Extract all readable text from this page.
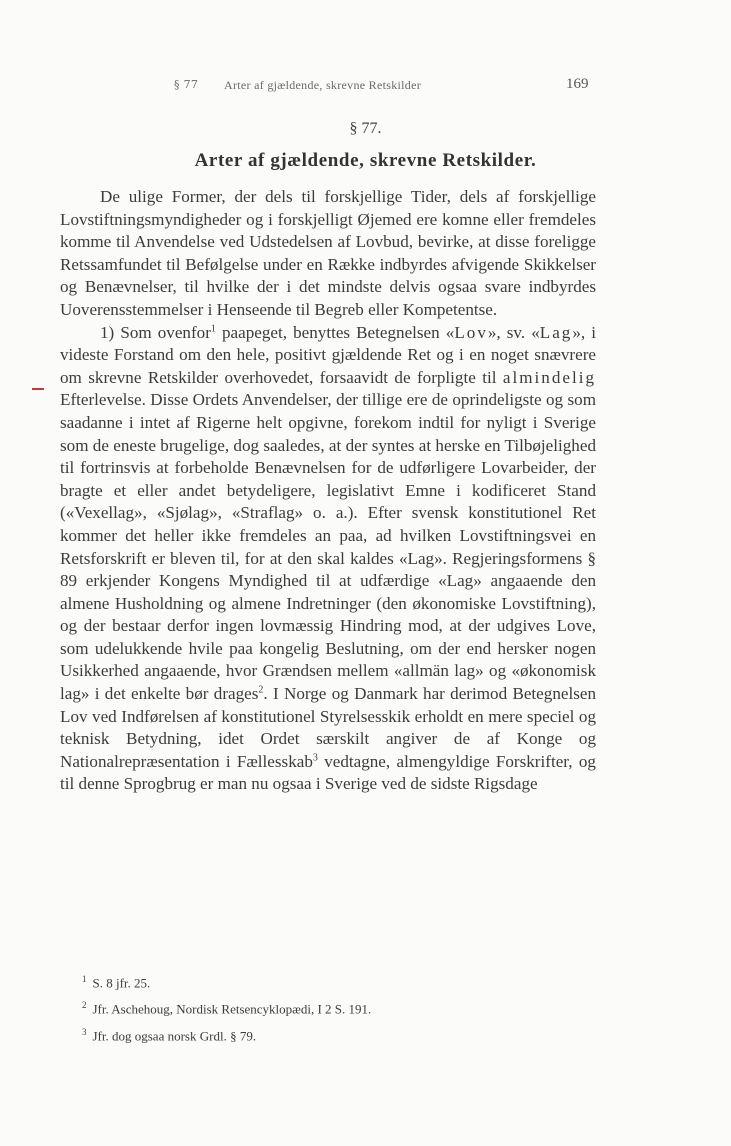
§ 77 Arter af gjældende, skrevne Retskilder	169
§ 77.
Arter af gjældende, skrevne Retskilder.

De ulige Former, der dels til forskjellige Tider, dels af forskjellige Lovstiftningsmyndigheder og i forskjelligt Øjemed ere komne eller fremdeles komme til Anvendelse ved Udstedelsen af Lovbud, bevirke, at disse foreligge Retssamfundet til Befølgelse under en Række indbyrdes afvigende Skikkelser og Benævnelser, til hvilke der i det mindste delvis ogsaa svare indbyrdes Uoverensstemmelser i Henseende til Begreb eller Kompetentse.

1) Som ovenfor$^1$ paapeget, benyttes Betegnelsen «Lov», sv. «Lag», i videste Forstand om den hele, positivt gjældende Ret og i en noget snævrere om skrevne Retskilder overhovedet, forsaavidt de forpligte til almindelig Efterlevelse. Disse Ordets Anvendelser, der tillige ere de oprindeligste og som saadanne i intet af Rigerne helt opgivne, forekom indtil for nyligt i Sverige som de eneste brugelige, dog saaledes, at der syntes at herske en Tilbøjelighed til fortrinsvis at forbeholde Benævnelsen for de udførligere Lovarbeider, der bragte et eller andet betydeligere, legislativt Emne i kodificeret Stand («Vexellag», «Sjølag», «Straflag» o. a.). Efter svensk konstitutionel Ret kommer det heller ikke fremdeles an paa, ad hvilken Lovstiftningsvei en Retsforskrift er bleven til, for at den skal kaldes «Lag». Regjeringsformens § 89 erkjender Kongens Myndighed til at udfærdige «Lag» angaaende den almene Husholdning og almene Indretninger (den økonomiske Lovstiftning), og der bestaar derfor ingen lovmæssig Hindring mod, at der udgives Love, som udelukkende hvile paa kongelig Beslutning, om der end hersker nogen Usikkerhed angaaende, hvor Grændsen mellem «allmän lag» og «økonomisk lag» i det enkelte bør drages$^2$. I Norge og Danmark har derimod Betegnelsen Lov ved Indførelsen af konstitutionel Styrelsesskik erholdt en mere speciel og teknisk Betydning, idet Ordet særskilt angiver de af Konge og Nationalrepræsentation i Fællesskab$^3$ vedtagne, almengyldige Forskrifter, og til denne Sprogbrug er man nu ogsaa i Sverige ved de sidste Rigsdage

$^1$ S. 8 jfr. 25.
$^2$ Jfr. Aschehoug, Nordisk Retsencyklopædi, I 2 S. 191.
$^3$ Jfr. dog ogsaa norsk Grdl. § 79.
